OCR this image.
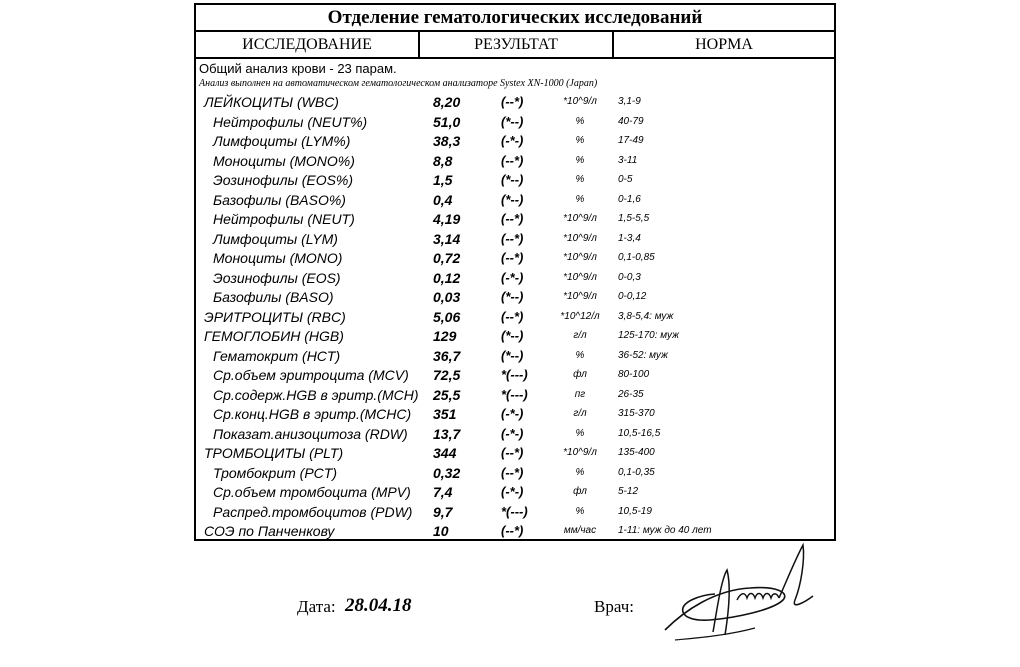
Отделение гематологических исследований
ИССЛЕДОВАНИЕ	РЕЗУЛЬТАТ	НОРМА
Общий анализ крови - 23 парам.
Анализ выполнен на автоматическом гематологическом анализаторе Systex XN-1000 (Japan)
ЛЕЙКОЦИТЫ (WBC)	8,20	(--*)	*10^9/л	3,1-9
Нейтрофилы (NEUT%)	51,0	(*--)	%	40-79
Лимфоциты (LYM%)	38,3	(-*-)	%	17-49
Моноциты (MONO%)	8,8	(--*)	%	3-11
Эозинофилы (EOS%)	1,5	(*--)	%	0-5
Базофилы (BASO%)	0,4	(*--)	%	0-1,6
Нейтрофилы (NEUT)	4,19	(--*)	*10^9/л	1,5-5,5
Лимфоциты (LYM)	3,14	(--*)	*10^9/л	1-3,4
Моноциты (MONO)	0,72	(--*)	*10^9/л	0,1-0,85
Эозинофилы (EOS)	0,12	(-*-)	*10^9/л	0-0,3
Базофилы (BASO)	0,03	(*--)	*10^9/л	0-0,12
ЭРИТРОЦИТЫ (RBC)	5,06	(--*)	*10^12/л	3,8-5,4: муж
ГЕМОГЛОБИН (HGB)	129	(*--)	г/л	125-170: муж
Гематокрит (HCT)	36,7	(*--)	%	36-52: муж
Ср.объем эритроцита (MCV) 72,5	*(---)	фл	80-100
Ср.содерж.HGB в эритр.(MCH) 25,5	*(---)	пг	26-35
Ср.конц.HGB в эритр.(MCHC) 351	(-*-)	г/л	315-370
Показат.анизоцитоза (RDW) 13,7	(-*-)	%	10,5-16,5
ТРОМБОЦИТЫ (PLT)	344	(--*)	*10^9/л	135-400
Тромбокрит (PCT)	0,32	(--*)	%	0,1-0,35
Ср.объем тромбоцита (MPV) 7,4	(-*-)	фл	5-12
Распред.тромбоцитов (PDW) 9,7	*(---)	%	10,5-19
СОЭ по Панченкову	10	(--*)	мм/час	1-11: муж до 40 лет
Дата: 28.04.18	Врач:
